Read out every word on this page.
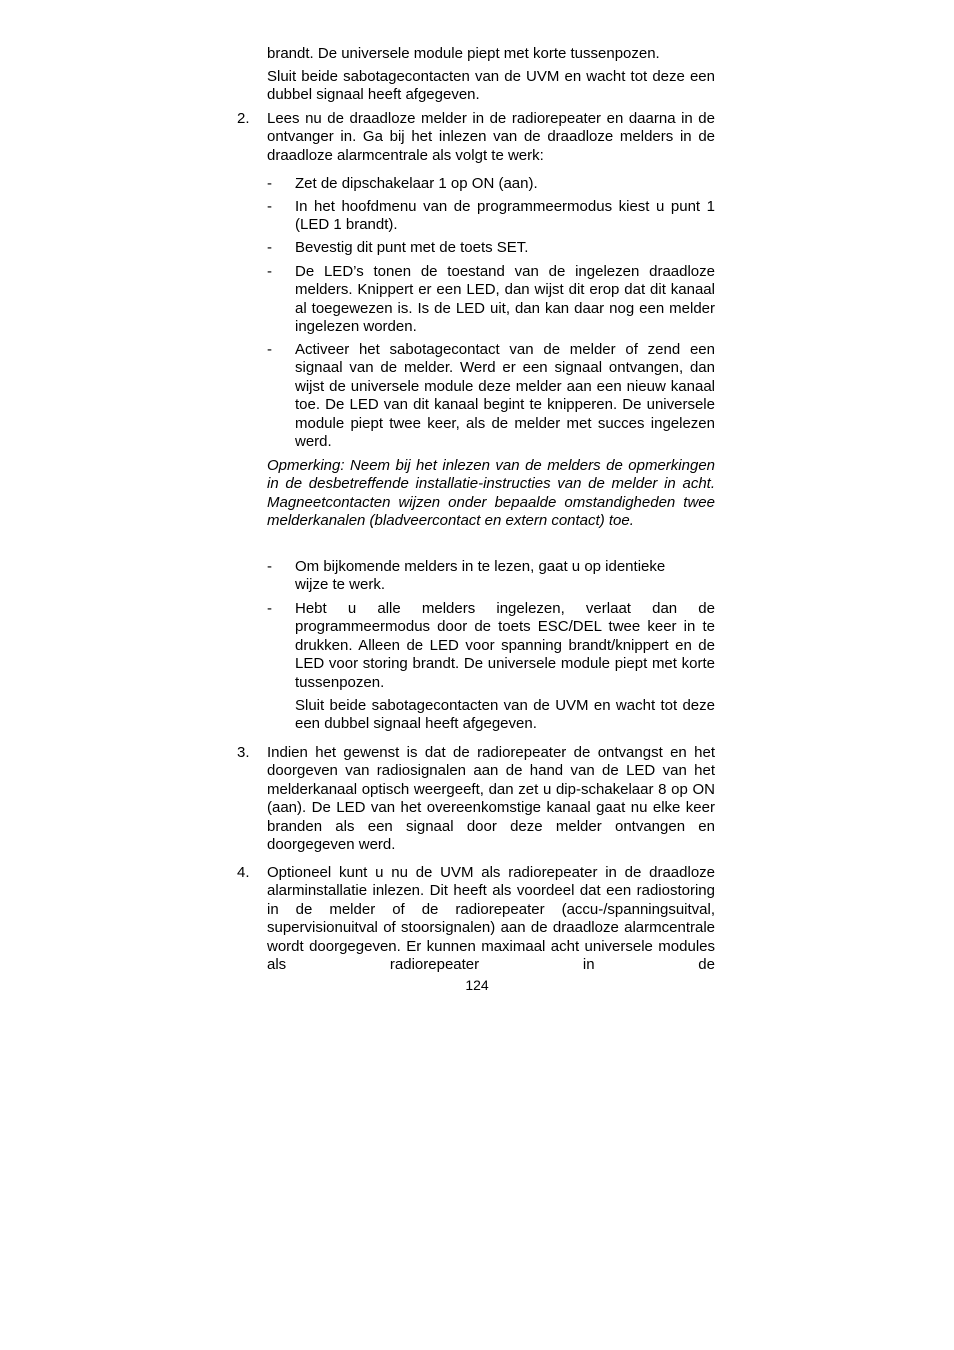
brandt. De universele module piept met korte tussenpozen.
Sluit beide sabotagecontacten van de UVM en wacht tot deze een dubbel signaal heeft afgegeven.
2. Lees nu de draadloze melder in de radiorepeater en daarna in de ontvanger in. Ga bij het inlezen van de draadloze melders in de draadloze alarmcentrale als volgt te werk:
- Zet de dipschakelaar 1 op ON (aan).
- In het hoofdmenu van de programmeermodus kiest u punt 1 (LED 1 brandt).
- Bevestig dit punt met de toets SET.
- De LED’s tonen de toestand van de ingelezen draadloze melders. Knippert er een LED, dan wijst dit erop dat dit kanaal al toegewezen is. Is de LED uit, dan kan daar nog een melder ingelezen worden.
- Activeer het sabotagecontact van de melder of zend een signaal van de melder. Werd er een signaal ontvangen, dan wijst de universele module deze melder aan een nieuw kanaal toe. De LED van dit kanaal begint te knipperen. De universele module piept twee keer, als de melder met succes ingelezen werd.
Opmerking: Neem bij het inlezen van de melders de opmerkingen in de desbetreffende installatie-instructies van de melder in acht. Magneetcontacten wijzen onder bepaalde omstandigheden twee melderkanalen (bladveercontact en extern contact) toe.
- Om bijkomende melders in te lezen, gaat u op identieke wijze te werk.
- Hebt u alle melders ingelezen, verlaat dan de programmeermodus door de toets ESC/DEL twee keer in te drukken. Alleen de LED voor spanning brandt/knippert en de LED voor storing brandt. De universele module piept met korte tussenpozen.
Sluit beide sabotagecontacten van de UVM en wacht tot deze een dubbel signaal heeft afgegeven.
3. Indien het gewenst is dat de radiorepeater de ontvangst en het doorgeven van radiosignalen aan de hand van de LED van het melderkanaal optisch weergeeft, dan zet u dip-schakelaar 8 op ON (aan). De LED van het overeenkomstige kanaal gaat nu elke keer branden als een signaal door deze melder ontvangen en doorgegeven werd.
4. Optioneel kunt u nu de UVM als radiorepeater in de draadloze alarminstallatie inlezen. Dit heeft als voordeel dat een radiostoring in de melder of de radiorepeater (accu-/spanningsuitval, supervisionuitval of stoorsignalen) aan de draadloze alarmcentrale wordt doorgegeven. Er kunnen maximaal acht universele modules als radiorepeater in de
124
